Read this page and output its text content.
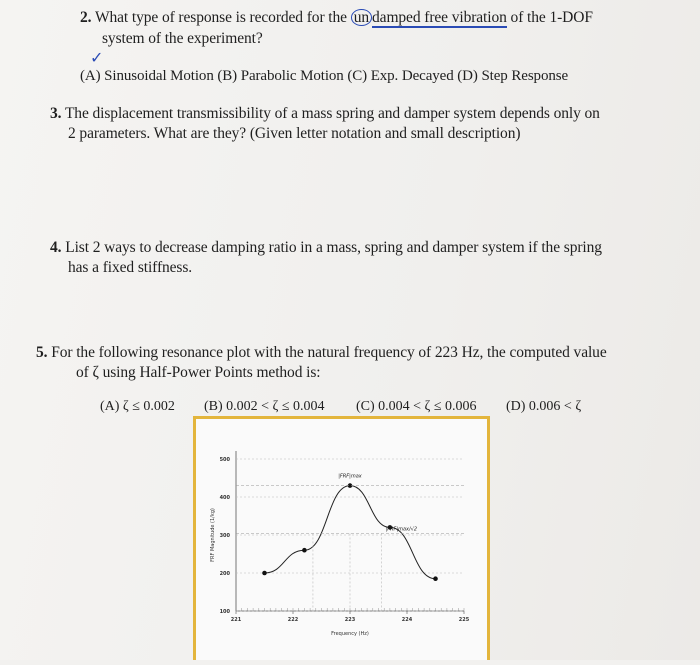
2. What type of response is recorded for the un damped free vibration of the 1-DOF
system of the experiment?
✓
(A) Sinusoidal Motion (B) Parabolic Motion (C) Exp. Decayed (D) Step Response
3. The displacement transmissibility of a mass spring and damper system depends only on
2 parameters. What are they? (Given letter notation and small description)
4. List 2 ways to decrease damping ratio in a mass, spring and damper system if the spring
has a fixed stiffness.
5. For the following resonance plot with the natural frequency of 223 Hz, the computed value
of ζ using Half-Power Points method is:
(A) ζ ≤ 0.002 (B) 0.002 < ζ ≤ 0.004 (C) 0.004 < ζ ≤ 0.006 (D) 0.006 < ζ
100
200
300
400
500
221	222	223	224	225
Frequency (Hz)
FRF Magnitude (1/kg)
|FRF|max
|FRF|max/√2
